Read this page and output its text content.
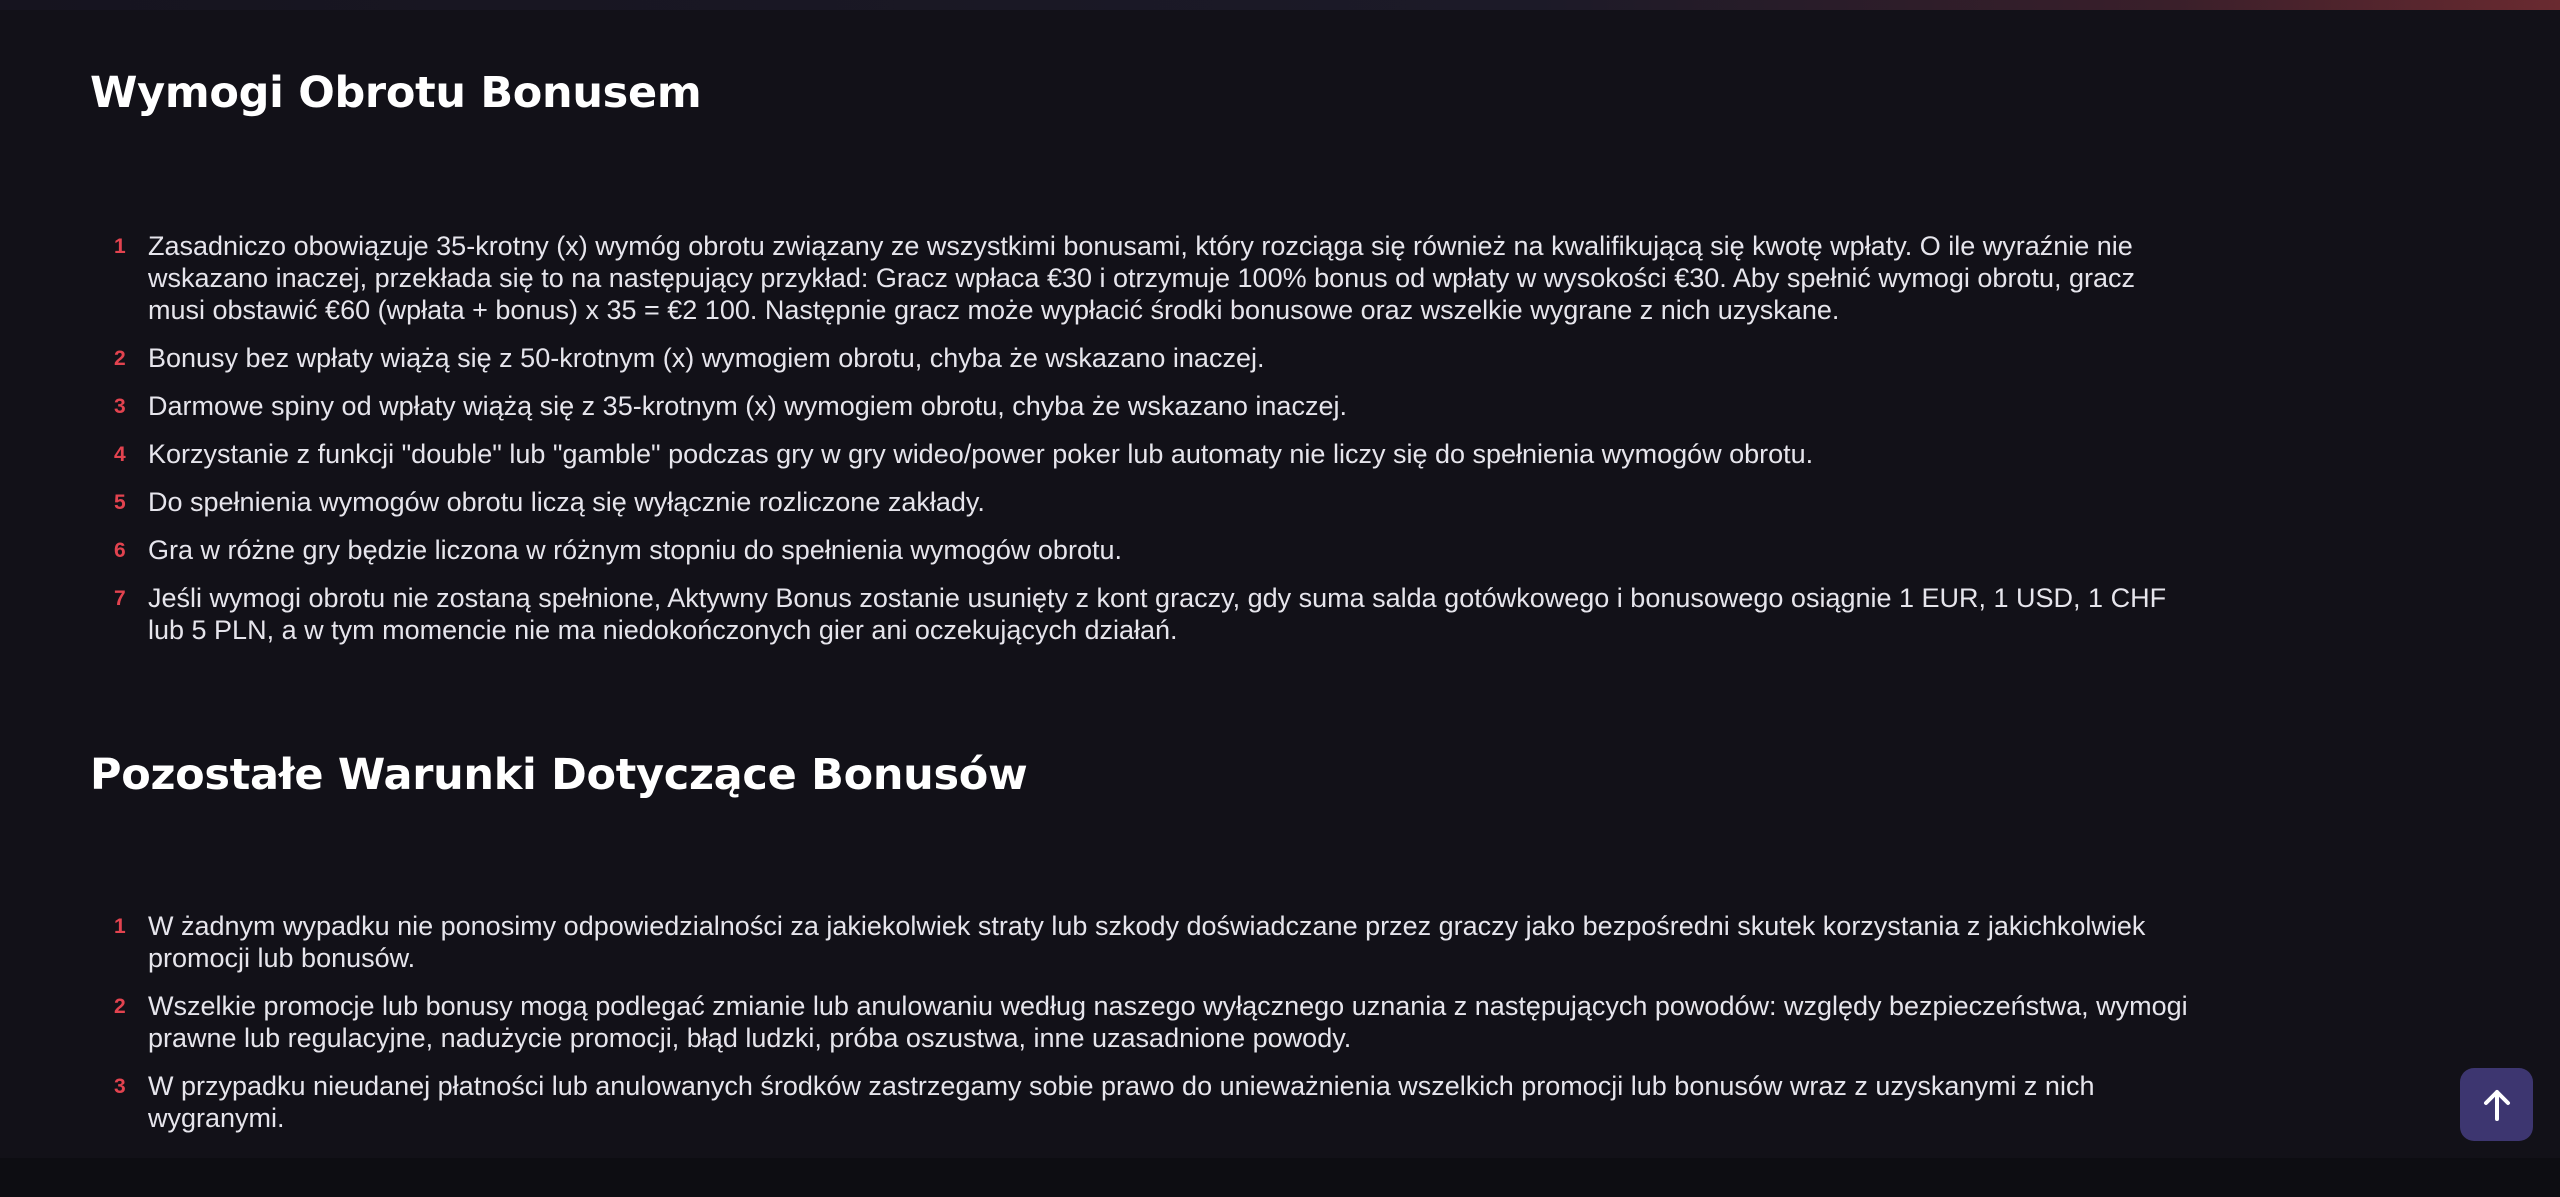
Wymogi Obrotu Bonusem
1 Zasadniczo obowiązuje 35-krotny (x) wymóg obrotu związany ze wszystkimi bonusami, który rozciąga się również na kwalifikującą się kwotę wpłaty. O ile wyraźnie nie wskazano inaczej, przekłada się to na następujący przykład: Gracz wpłaca €30 i otrzymuje 100% bonus od wpłaty w wysokości €30. Aby spełnić wymogi obrotu, gracz musi obstawić €60 (wpłata + bonus) x 35 = €2 100. Następnie gracz może wypłacić środki bonusowe oraz wszelkie wygrane z nich uzyskane.
2 Bonusy bez wpłaty wiążą się z 50-krotnym (x) wymogiem obrotu, chyba że wskazano inaczej.
3 Darmowe spiny od wpłaty wiążą się z 35-krotnym (x) wymogiem obrotu, chyba że wskazano inaczej.
4 Korzystanie z funkcji "double" lub "gamble" podczas gry w gry wideo/power poker lub automaty nie liczy się do spełnienia wymogów obrotu.
5 Do spełnienia wymogów obrotu liczą się wyłącznie rozliczone zakłady.
6 Gra w różne gry będzie liczona w różnym stopniu do spełnienia wymogów obrotu.
7 Jeśli wymogi obrotu nie zostaną spełnione, Aktywny Bonus zostanie usunięty z kont graczy, gdy suma salda gotówkowego i bonusowego osiągnie 1 EUR, 1 USD, 1 CHF lub 5 PLN, a w tym momencie nie ma niedokończonych gier ani oczekujących działań.
Pozostałe Warunki Dotyczące Bonusów
1 W żadnym wypadku nie ponosimy odpowiedzialności za jakiekolwiek straty lub szkody doświadczane przez graczy jako bezpośredni skutek korzystania z jakichkolwiek promocji lub bonusów.
2 Wszelkie promocje lub bonusy mogą podlegać zmianie lub anulowaniu według naszego wyłącznego uznania z następujących powodów: względy bezpieczeństwa, wymogi prawne lub regulacyjne, nadużycie promocji, błąd ludzki, próba oszustwa, inne uzasadnione powody.
3 W przypadku nieudanej płatności lub anulowanych środków zastrzegamy sobie prawo do unieważnienia wszelkich promocji lub bonusów wraz z uzyskanymi z nich wygranymi.
